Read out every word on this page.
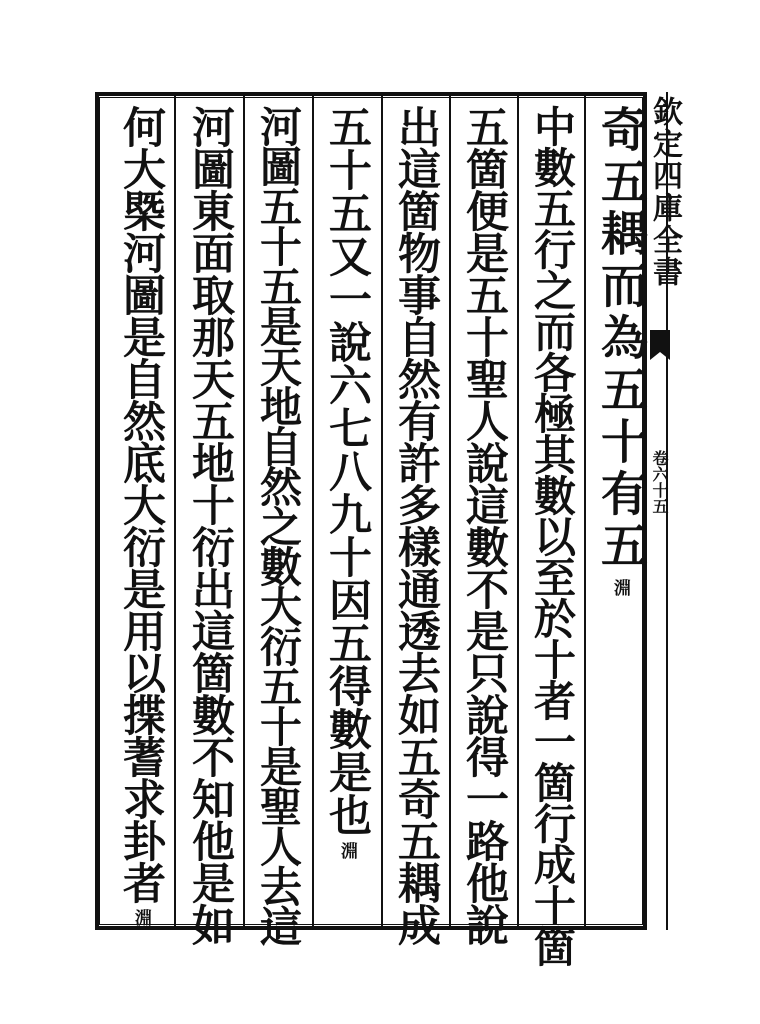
奇五耦而為五十有五
淵
中數五行之而各極其數以至於十者一箇行成十箇
五箇便是五十聖人說這數不是只說得一路他說
出這箇物事自然有許多樣通透去如五奇五耦成
五十五又一說六七八九十因五得數是也
淵
河圖五十五是天地自然之數大衍五十是聖人去這
河圖東面取那天五地十衍出這箇數不知他是如
何大槩河圖是自然底大衍是用以揲蓍求卦者
淵
欽定四庫全書
卷六十五
